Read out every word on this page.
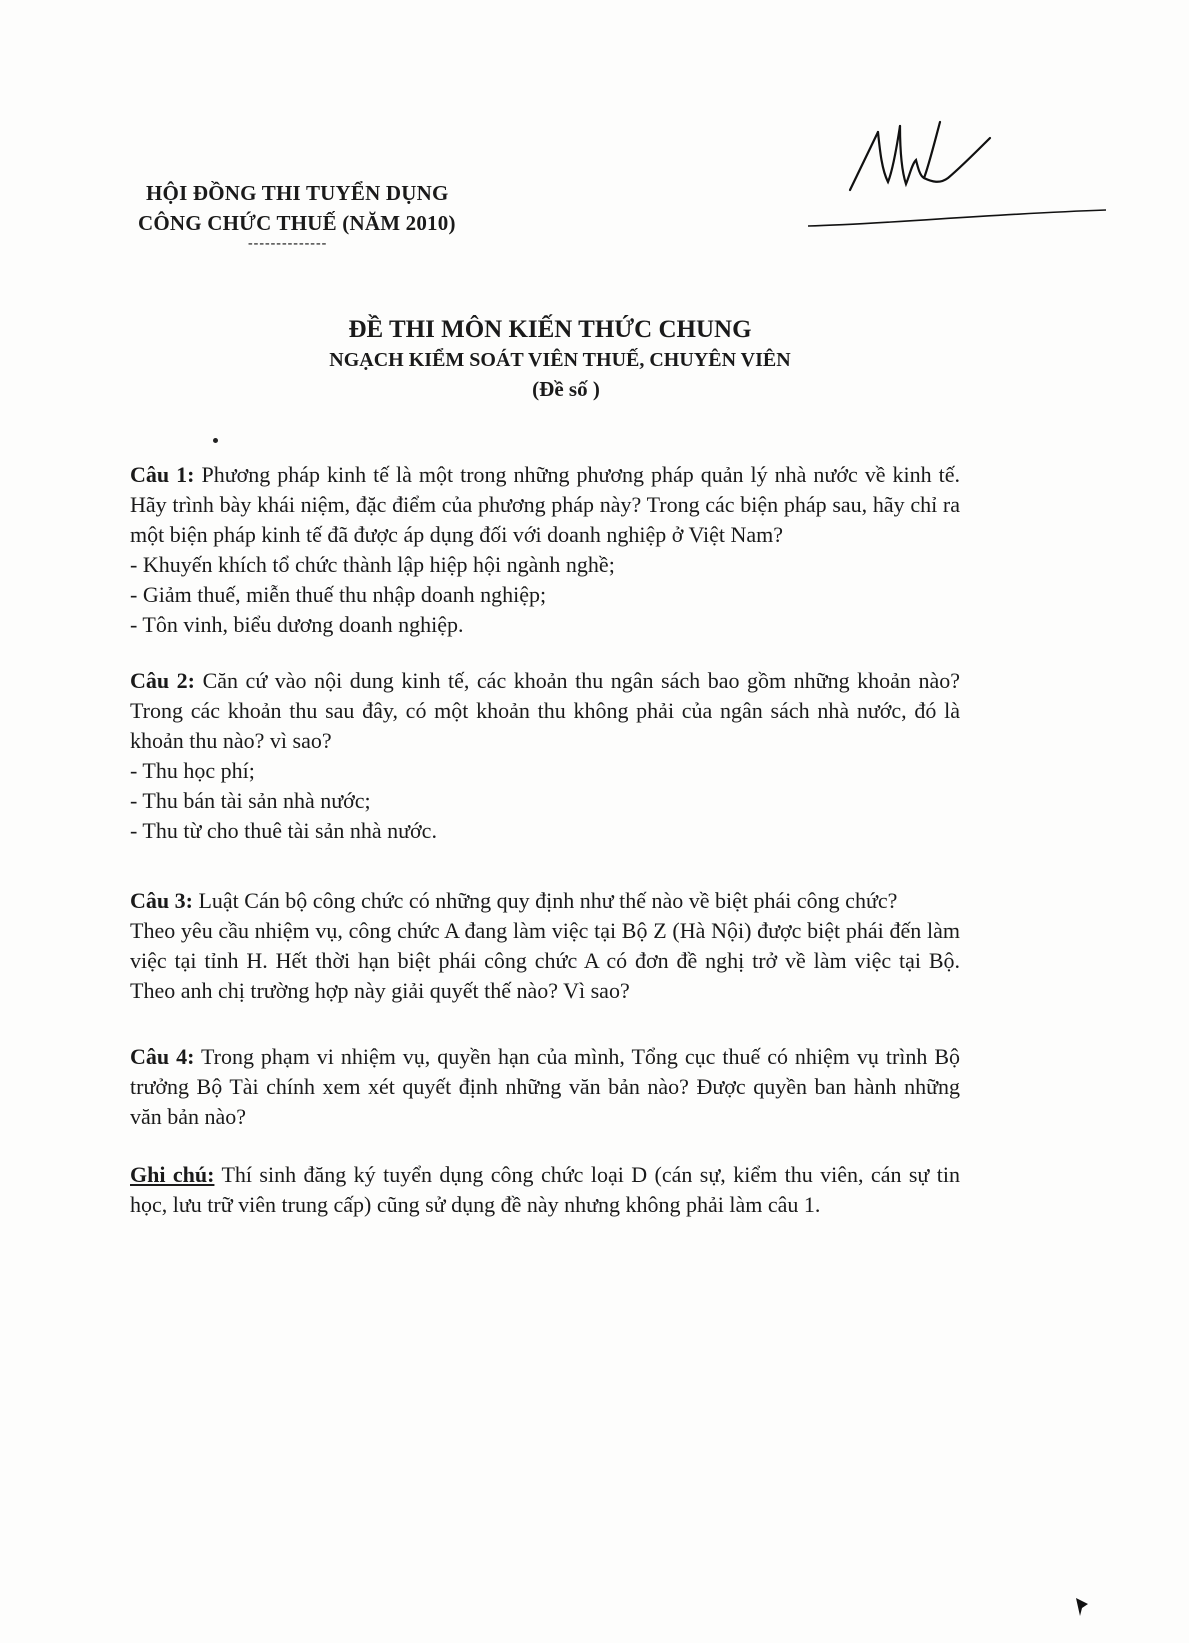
HỘI ĐỒNG THI TUYỂN DỤNG
CÔNG CHỨC THUẾ (NĂM 2010)
--------------
ĐỀ THI MÔN KIẾN THỨC CHUNG
NGẠCH KIỂM SOÁT VIÊN THUẾ, CHUYÊN VIÊN
(Đề số )

Câu 1: Phương pháp kinh tế là một trong những phương pháp quản lý nhà nước về kinh tế. Hãy trình bày khái niệm, đặc điểm của phương pháp này? Trong các biện pháp sau, hãy chỉ ra một biện pháp kinh tế đã được áp dụng đối với doanh nghiệp ở Việt Nam?

- Khuyến khích tổ chức thành lập hiệp hội ngành nghề;

- Giảm thuế, miễn thuế thu nhập doanh nghiệp;

- Tôn vinh, biểu dương doanh nghiệp.

Câu 2: Căn cứ vào nội dung kinh tế, các khoản thu ngân sách bao gồm những khoản nào? Trong các khoản thu sau đây, có một khoản thu không phải của ngân sách nhà nước, đó là khoản thu nào? vì sao?

- Thu học phí;

- Thu bán tài sản nhà nước;

- Thu từ cho thuê tài sản nhà nước.

Câu 3: Luật Cán bộ công chức có những quy định như thế nào về biệt phái công chức?

Theo yêu cầu nhiệm vụ, công chức A đang làm việc tại Bộ Z (Hà Nội) được biệt phái đến làm việc tại tỉnh H. Hết thời hạn biệt phái công chức A có đơn đề nghị trở về làm việc tại Bộ. Theo anh chị trường hợp này giải quyết thế nào? Vì sao?

Câu 4: Trong phạm vi nhiệm vụ, quyền hạn của mình, Tổng cục thuế có nhiệm vụ trình Bộ trưởng Bộ Tài chính xem xét quyết định những văn bản nào? Được quyền ban hành những văn bản nào?

Ghi chú: Thí sinh đăng ký tuyển dụng công chức loại D (cán sự, kiểm thu viên, cán sự tin học, lưu trữ viên trung cấp) cũng sử dụng đề này nhưng không phải làm câu 1.
